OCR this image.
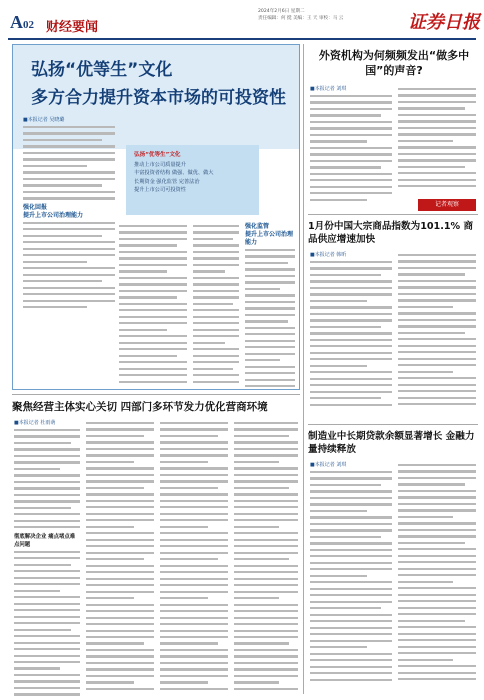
A02 财经要闻
2024年2月6日 星期二
责任编辑：何 挺 美编：王 天 审校：马 云	证券日报
弘扬“优等生”文化
多方合力提升资本市场的可投资性
■本报记者 吴晓璐
强化回报
提升上市公司治理能力
弘扬“优等生”文化
推动上市公司质量提升
丰富投资者结构 做强、做优、做大
长期资金 强化监管 完善法治
提升上市公司可投资性
强化监管
提升上市公司治理能力
外资机构为何频频发出“做多中国”的声音?
■本报记者 刘琪
记者观察
1月份中国大宗商品指数为101.1% 商品供应增速加快
■本报记者 韩昕
制造业中长期贷款余额显著增长 金融力量持续释放
■本报记者 刘琪
聚焦经营主体实心关切 四部门多环节发力优化营商环境
■本报记者 杜雨萌
彻底解决企业 痛点堵点难点问题
